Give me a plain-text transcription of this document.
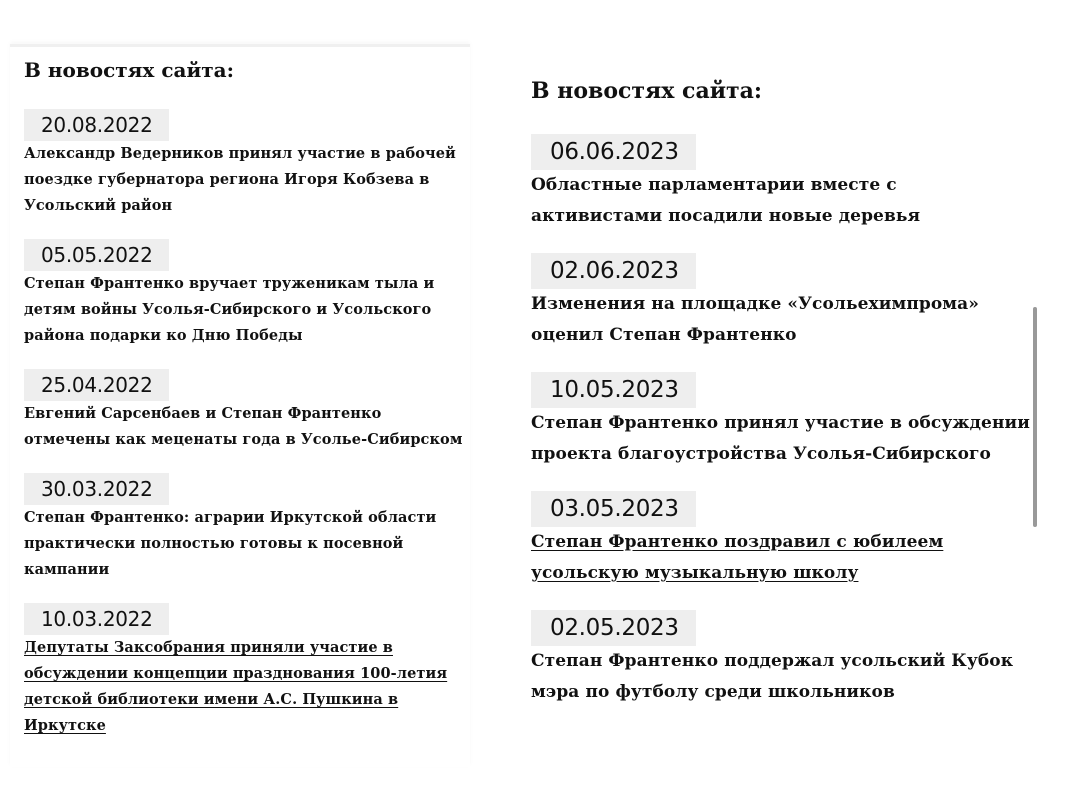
В новостях сайта:
20.08.2022
Александр Ведерников принял участие в рабочей поездке губернатора региона Игоря Кобзева в Усольский район
05.05.2022
Степан Франтенко вручает труженикам тыла и детям войны Усолья-Сибирского и Усольского района подарки ко Дню Победы
25.04.2022
Евгений Сарсенбаев и Степан Франтенко отмечены как меценаты года в Усолье-Сибирском
30.03.2022
Степан Франтенко: аграрии Иркутской области практически полностью готовы к посевной кампании
10.03.2022
Депутаты Заксобрания приняли участие в обсуждении концепции празднования 100-летия детской библиотеки имени А.С. Пушкина в Иркутске
В новостях сайта:
06.06.2023
Областные парламентарии вместе с активистами посадили новые деревья
02.06.2023
Изменения на площадке «Усольехимпрома» оценил Степан Франтенко
10.05.2023
Степан Франтенко принял участие в обсуждении проекта благоустройства Усолья-Сибирского
03.05.2023
Степан Франтенко поздравил с юбилеем усольскую музыкальную школу
02.05.2023
Степан Франтенко поддержал усольский Кубок мэра по футболу среди школьников
